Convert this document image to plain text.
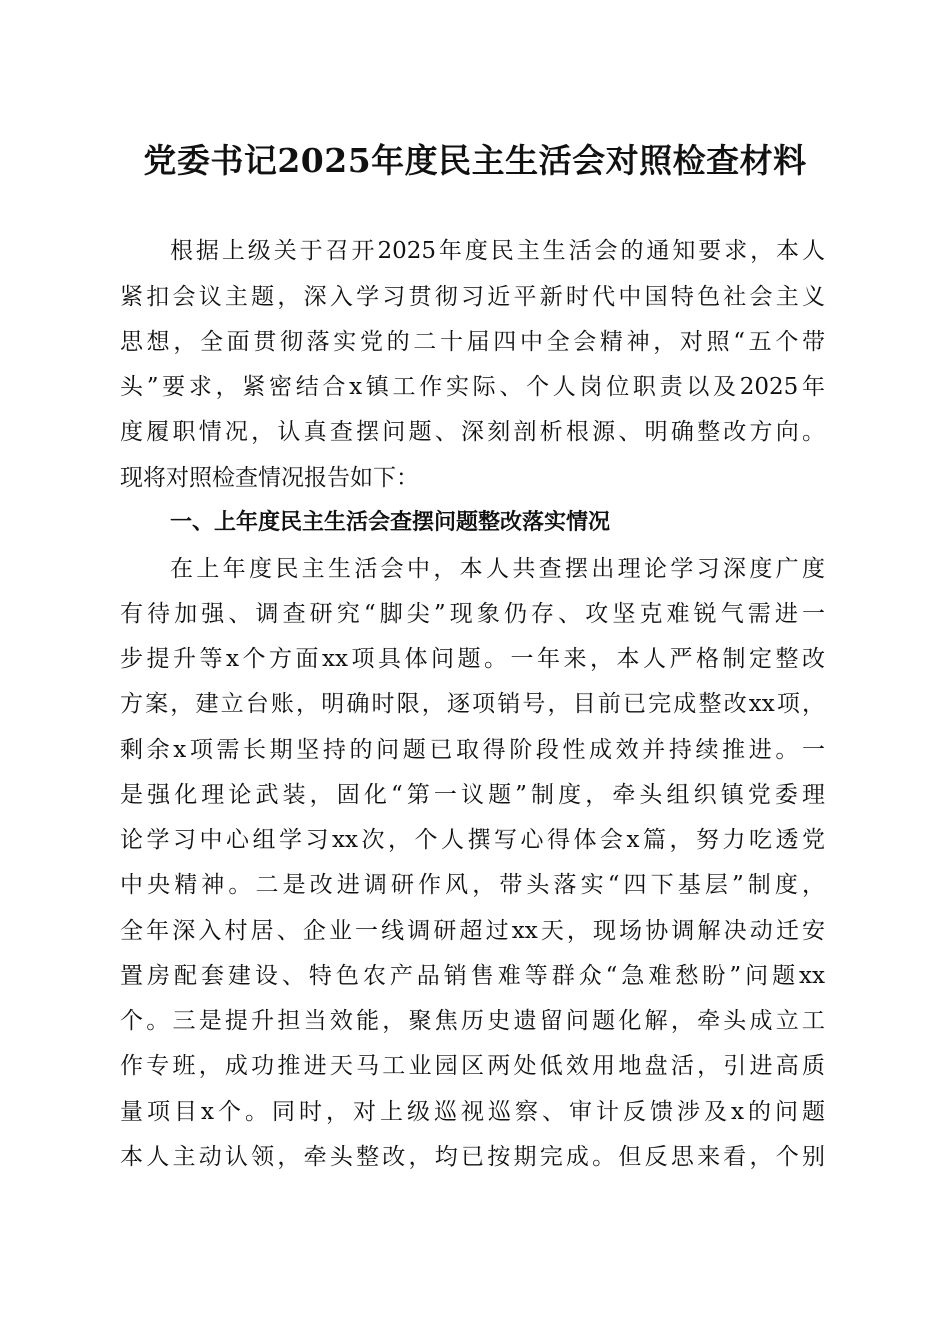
党委书记2025年度民主生活会对照检查材料
根据上级关于召开2025年度民主生活会的通知要求，本人
紧扣会议主题，深入学习贯彻习近平新时代中国特色社会主义
思想，全面贯彻落实党的二十届四中全会精神，对照“五个带
头”要求，紧密结合x镇工作实际、个人岗位职责以及2025年
度履职情况，认真查摆问题、深刻剖析根源、明确整改方向。
现将对照检查情况报告如下：
一、上年度民主生活会查摆问题整改落实情况
在上年度民主生活会中，本人共查摆出理论学习深度广度
有待加强、调查研究“脚尖”现象仍存、攻坚克难锐气需进一
步提升等x个方面xx项具体问题。一年来，本人严格制定整改
方案，建立台账，明确时限，逐项销号，目前已完成整改xx项，
剩余x项需长期坚持的问题已取得阶段性成效并持续推进。一
是强化理论武装，固化“第一议题”制度，牵头组织镇党委理
论学习中心组学习xx次，个人撰写心得体会x篇，努力吃透党
中央精神。二是改进调研作风，带头落实“四下基层”制度，
全年深入村居、企业一线调研超过xx天，现场协调解决动迁安
置房配套建设、特色农产品销售难等群众“急难愁盼”问题xx
个。三是提升担当效能，聚焦历史遗留问题化解，牵头成立工
作专班，成功推进天马工业园区两处低效用地盘活，引进高质
量项目x个。同时，对上级巡视巡察、审计反馈涉及x的问题
本人主动认领，牵头整改，均已按期完成。但反思来看，个别
